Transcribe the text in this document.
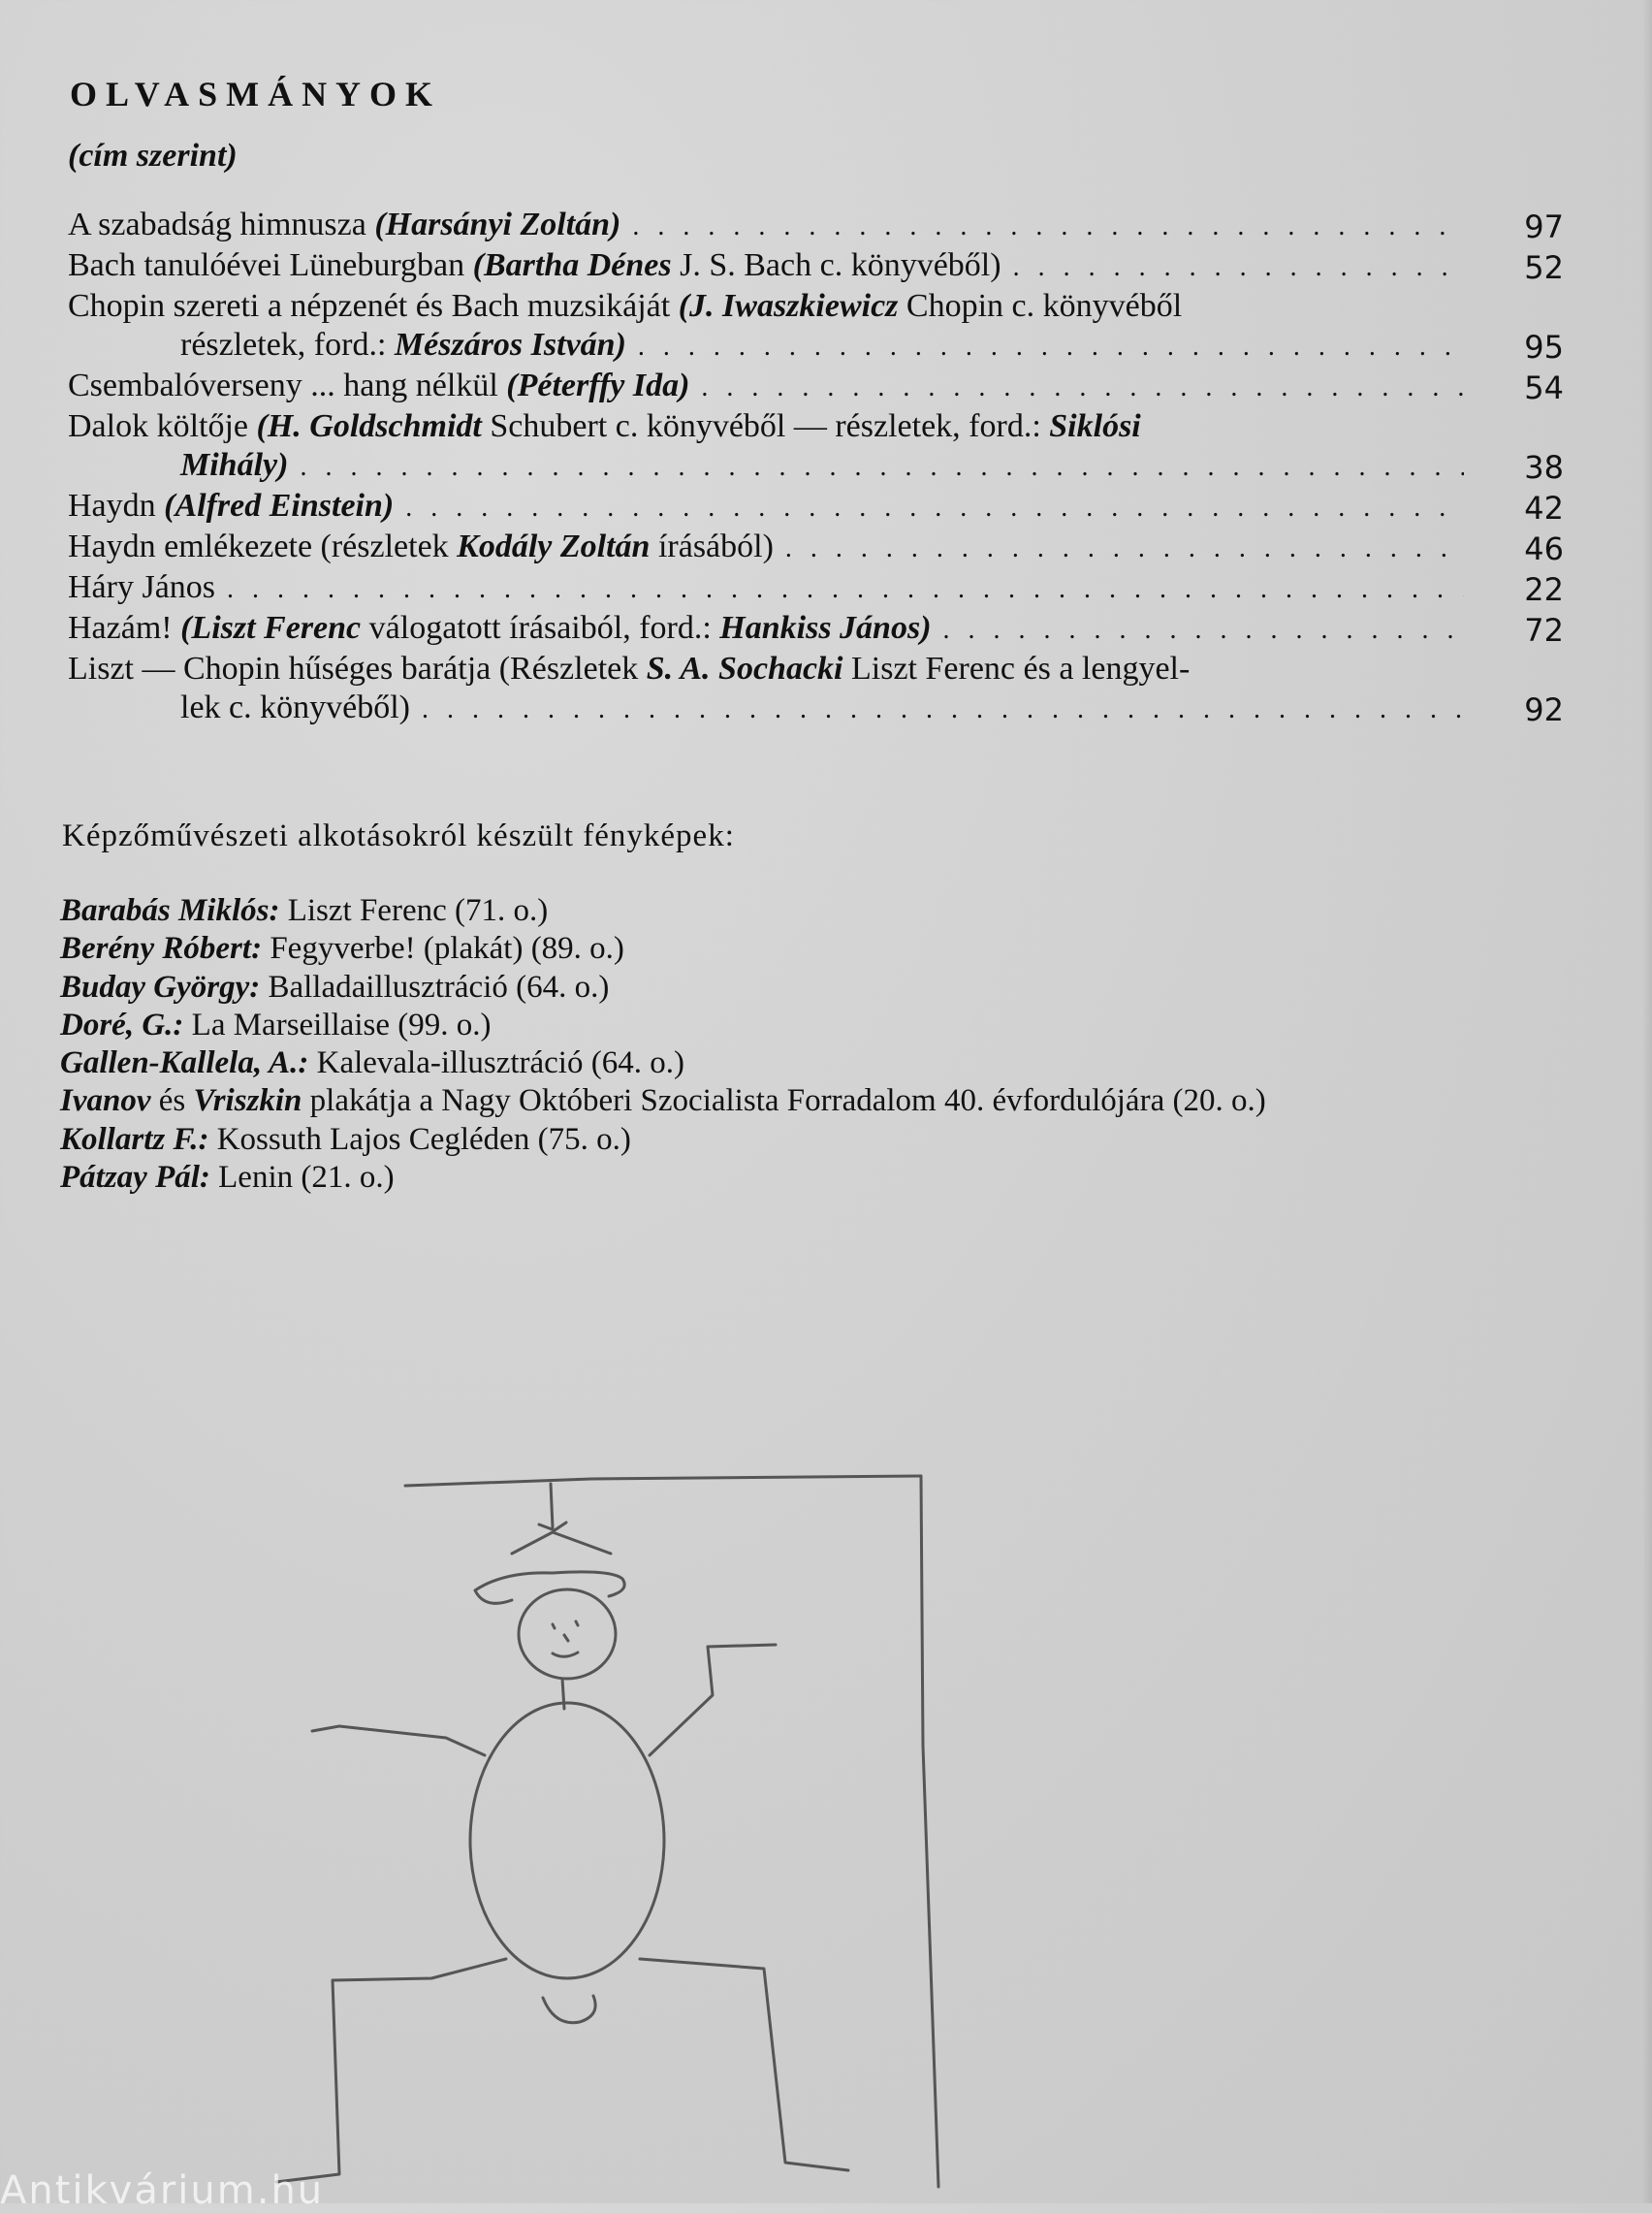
OLVASMÁNYOK
(cím szerint)
A szabadság himnusza (Harsányi Zoltán) . . .	97
Bach tanulóévei Lüneburgban (Bartha Dénes J. S. Bach c. könyvéből) . . .	52
Chopin szereti a népzenét és Bach muzsikáját (J. Iwaszkiewicz Chopin c. könyvéből
részletek, ford.: Mészáros István) . . .	95
Csembalóverseny ... hang nélkül (Péterffy Ida) . . .	54
Dalok költője (H. Goldschmidt Schubert c. könyvéből — részletek, ford.: Siklósi
Mihály) . . .	38
Haydn (Alfred Einstein) . . .	42
Haydn emlékezete (részletek Kodály Zoltán írásából) . . .	46
Háry János . . .	22
Hazám! (Liszt Ferenc válogatott írásaiból, ford.: Hankiss János) . . .	72
Liszt — Chopin hűséges barátja (Részletek S. A. Sochacki Liszt Ferenc és a lengyel-
lek c. könyvéből) . . .	92
Képzőművészeti alkotásokról készült fényképek:
Barabás Miklós: Liszt Ferenc (71. o.)
Berény Róbert: Fegyverbe! (plakát) (89. o.)
Buday György: Balladaillusztráció (64. o.)
Doré, G.: La Marseillaise (99. o.)
Gallen-Kallela, A.: Kalevala-illusztráció (64. o.)
Ivanov és Vriszkin plakátja a Nagy Októberi Szocialista Forradalom 40. évfordulójára (20. o.)
Kollartz F.: Kossuth Lajos Cegléden (75. o.)
Pátzay Pál: Lenin (21. o.)
Antikvárium.hu
